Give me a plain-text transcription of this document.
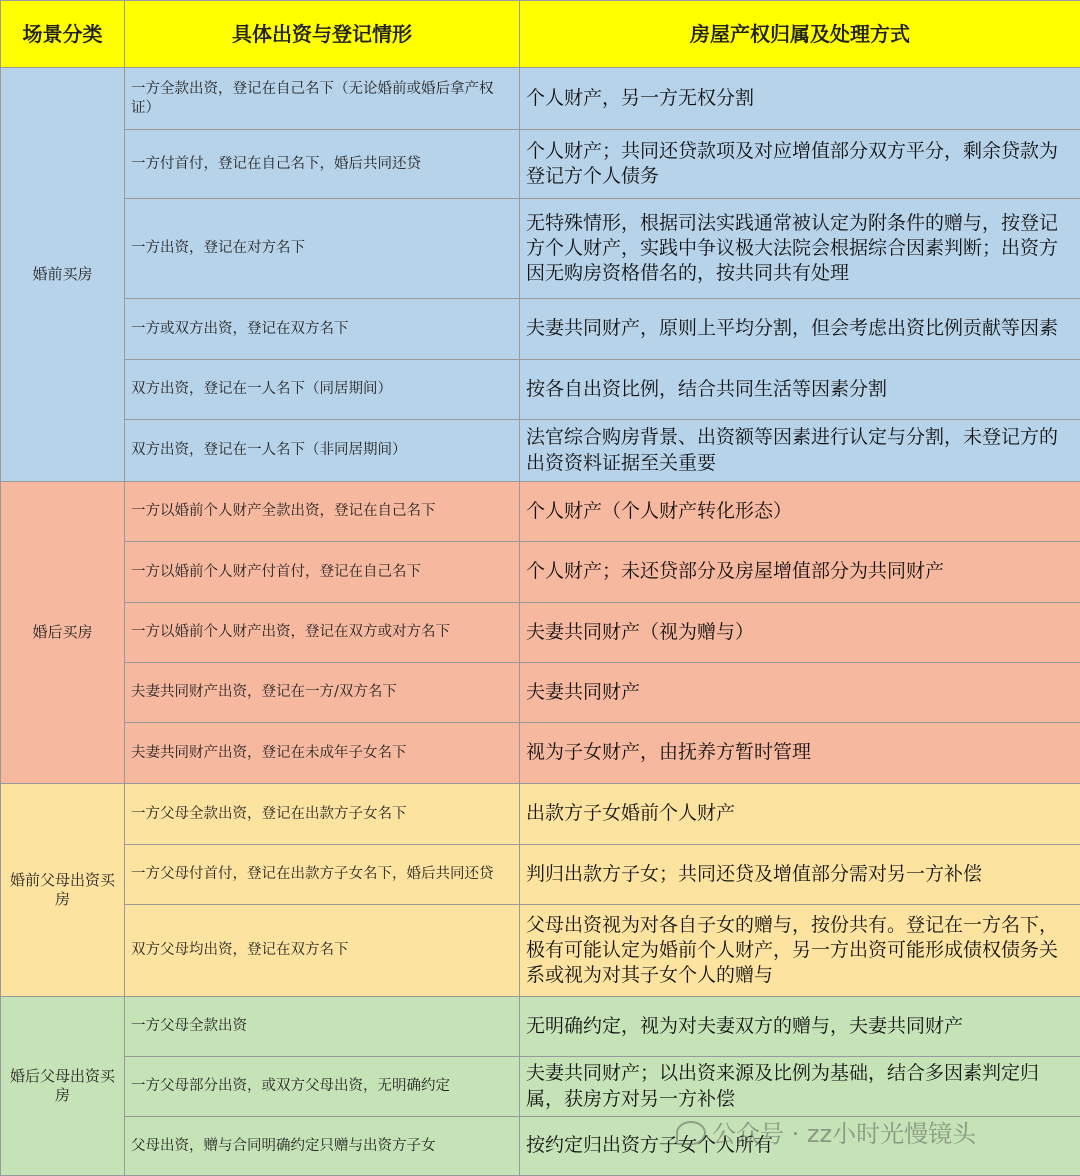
场景分类	具体出资与登记情形	房屋产权归属及处理方式
婚前买房	一方全款出资，登记在自己名下（无论婚前或婚后拿产权证）	个人财产，另一方无权分割
	一方付首付，登记在自己名下，婚后共同还贷	个人财产；共同还贷款项及对应增值部分双方平分，剩余贷款为登记方个人债务
	一方出资，登记在对方名下	无特殊情形，根据司法实践通常被认定为附条件的赠与，按登记方个人财产，实践中争议极大法院会根据综合因素判断；出资方因无购房资格借名的，按共同共有处理
	一方或双方出资，登记在双方名下	夫妻共同财产，原则上平均分割，但会考虑出资比例贡献等因素
	双方出资，登记在一人名下（同居期间）	按各自出资比例，结合共同生活等因素分割
	双方出资，登记在一人名下（非同居期间）	法官综合购房背景、出资额等因素进行认定与分割，未登记方的出资资料证据至关重要
婚后买房	一方以婚前个人财产全款出资，登记在自己名下	个人财产（个人财产转化形态）
	一方以婚前个人财产付首付，登记在自己名下	个人财产；未还贷部分及房屋增值部分为共同财产
	一方以婚前个人财产出资，登记在双方或对方名下	夫妻共同财产（视为赠与）
	夫妻共同财产出资，登记在一方/双方名下	夫妻共同财产
	夫妻共同财产出资，登记在未成年子女名下	视为子女财产，由抚养方暂时管理
婚前父母出资买房	一方父母全款出资，登记在出款方子女名下	出款方子女婚前个人财产
	一方父母付首付，登记在出款方子女名下，婚后共同还贷	判归出款方子女；共同还贷及增值部分需对另一方补偿
	双方父母均出资，登记在双方名下	父母出资视为对各自子女的赠与，按份共有。登记在一方名下，极有可能认定为婚前个人财产，另一方出资可能形成债权债务关系或视为对其子女个人的赠与
婚后父母出资买房	一方父母全款出资	无明确约定，视为对夫妻双方的赠与，夫妻共同财产
	一方父母部分出资，或双方父母出资，无明确约定	夫妻共同财产；以出资来源及比例为基础，结合多因素判定归属，获房方对另一方补偿
	父母出资，赠与合同明确约定只赠与出资方子女	按约定归出资方子女个人所有
公众号 · zz小时光慢镜头
